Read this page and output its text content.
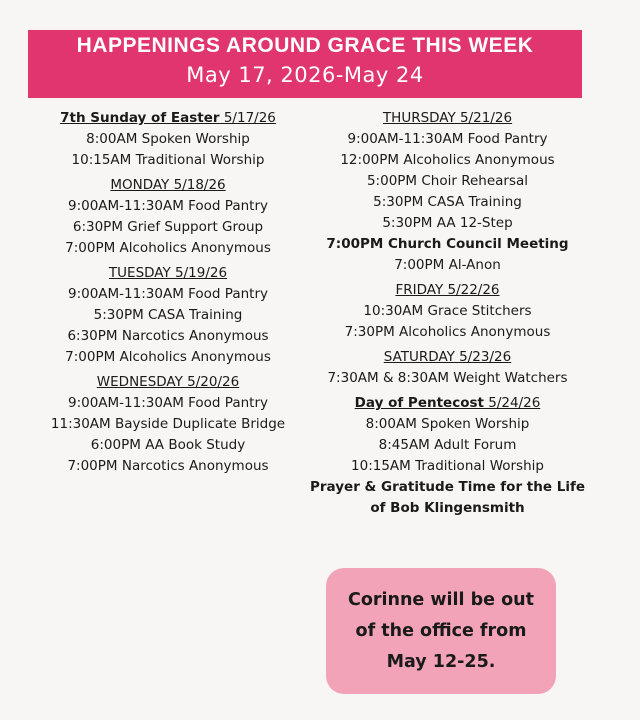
HAPPENINGS AROUND GRACE THIS WEEK
May 17, 2026-May 24
7th Sunday of Easter 5/17/26
8:00AM Spoken Worship
10:15AM Traditional Worship
MONDAY 5/18/26
9:00AM-11:30AM Food Pantry
6:30PM Grief Support Group
7:00PM Alcoholics Anonymous
TUESDAY 5/19/26
9:00AM-11:30AM Food Pantry
5:30PM CASA Training
6:30PM Narcotics Anonymous
7:00PM Alcoholics Anonymous
WEDNESDAY 5/20/26
9:00AM-11:30AM Food Pantry
11:30AM Bayside Duplicate Bridge
6:00PM AA Book Study
7:00PM Narcotics Anonymous
THURSDAY 5/21/26
9:00AM-11:30AM Food Pantry
12:00PM Alcoholics Anonymous
5:00PM Choir Rehearsal
5:30PM CASA Training
5:30PM AA 12-Step
7:00PM Church Council Meeting
7:00PM Al-Anon
FRIDAY 5/22/26
10:30AM Grace Stitchers
7:30PM Alcoholics Anonymous
SATURDAY 5/23/26
7:30AM & 8:30AM Weight Watchers
Day of Pentecost 5/24/26
8:00AM Spoken Worship
8:45AM Adult Forum
10:15AM Traditional Worship
Prayer & Gratitude Time for the Life of Bob Klingensmith
Corinne will be out of the office from May 12-25.
